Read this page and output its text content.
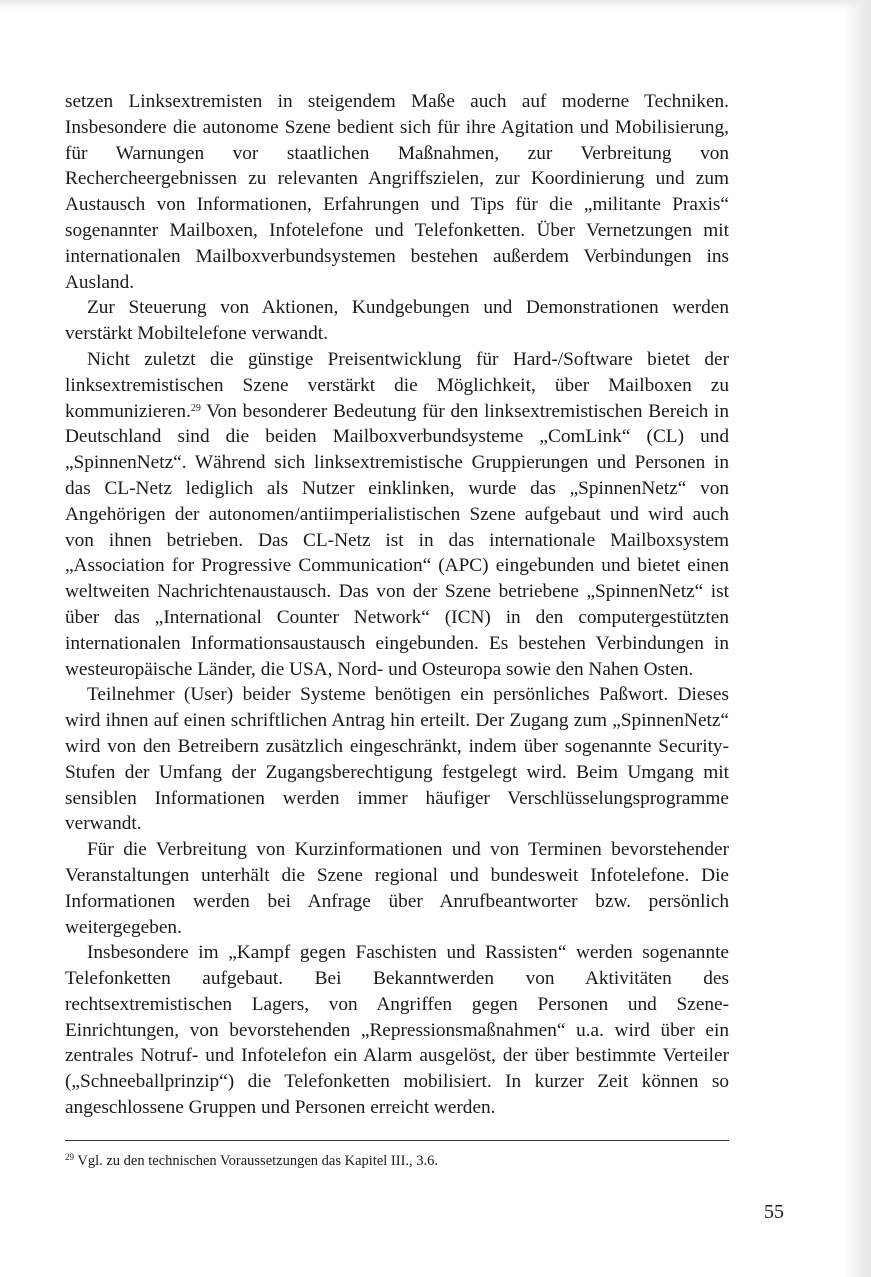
setzen Linksextremisten in steigendem Maße auch auf moderne Techniken. Insbesondere die autonome Szene bedient sich für ihre Agitation und Mobilisierung, für Warnungen vor staatlichen Maßnahmen, zur Verbreitung von Rechercheergebnissen zu relevanten Angriffszielen, zur Koordinierung und zum Austausch von Informationen, Erfahrungen und Tips für die „militante Praxis“ sogenannter Mailboxen, Infotelefone und Telefonketten. Über Vernetzungen mit internationalen Mailboxverbundsystemen bestehen außerdem Verbindungen ins Ausland.

Zur Steuerung von Aktionen, Kundgebungen und Demonstrationen werden verstärkt Mobiltelefone verwandt.

Nicht zuletzt die günstige Preisentwicklung für Hard-/Software bietet der linksextremistischen Szene verstärkt die Möglichkeit, über Mailboxen zu kommunizieren.$^{29}$ Von besonderer Bedeutung für den linksextremistischen Bereich in Deutschland sind die beiden Mailboxverbundsysteme „ComLink“ (CL) und „SpinnenNetz“. Während sich linksextremistische Gruppierungen und Personen in das CL-Netz lediglich als Nutzer einklinken, wurde das „SpinnenNetz“ von Angehörigen der autonomen/antiimperialistischen Szene aufgebaut und wird auch von ihnen betrieben. Das CL-Netz ist in das internationale Mailboxsystem „Association for Progressive Communication“ (APC) eingebunden und bietet einen weltweiten Nachrichtenaustausch. Das von der Szene betriebene „SpinnenNetz“ ist über das „International Counter Network“ (ICN) in den computergestützten internationalen Informationsaustausch eingebunden. Es bestehen Verbindungen in westeuropäische Länder, die USA, Nord- und Osteuropa sowie den Nahen Osten.

Teilnehmer (User) beider Systeme benötigen ein persönliches Paßwort. Dieses wird ihnen auf einen schriftlichen Antrag hin erteilt. Der Zugang zum „SpinnenNetz“ wird von den Betreibern zusätzlich eingeschränkt, indem über sogenannte Security-Stufen der Umfang der Zugangsberechtigung festgelegt wird. Beim Umgang mit sensiblen Informationen werden immer häufiger Verschlüsselungsprogramme verwandt.

Für die Verbreitung von Kurzinformationen und von Terminen bevorstehender Veranstaltungen unterhält die Szene regional und bundesweit Infotelefone. Die Informationen werden bei Anfrage über Anrufbeantworter bzw. persönlich weitergegeben.

Insbesondere im „Kampf gegen Faschisten und Rassisten“ werden sogenannte Telefonketten aufgebaut. Bei Bekanntwerden von Aktivitäten des rechtsextremistischen Lagers, von Angriffen gegen Personen und Szene-Einrichtungen, von bevorstehenden „Repressionsmaßnahmen“ u.a. wird über ein zentrales Notruf- und Infotelefon ein Alarm ausgelöst, der über bestimmte Verteiler („Schneeballprinzip“) die Telefonketten mobilisiert. In kurzer Zeit können so angeschlossene Gruppen und Personen erreicht werden.

$^{29}$ Vgl. zu den technischen Voraussetzungen das Kapitel III., 3.6.
55
